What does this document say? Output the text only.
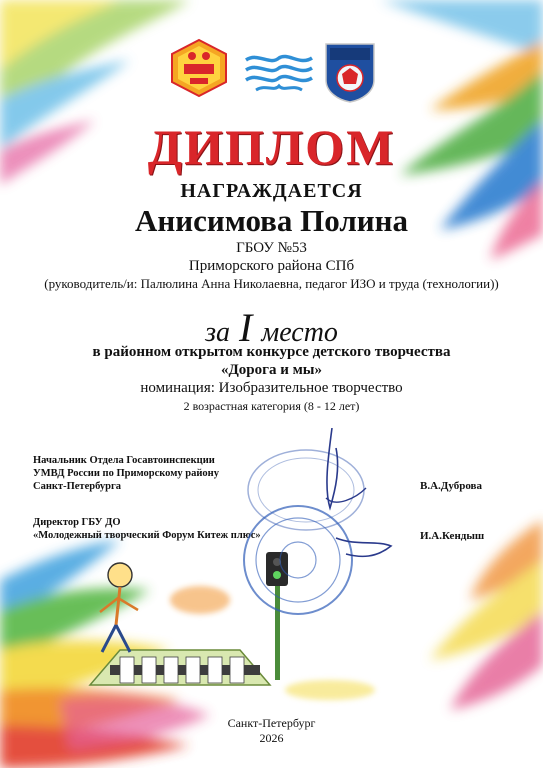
ДИПЛОМ
НАГРАЖДАЕТСЯ
Анисимова Полина
ГБОУ №53
Приморского района СПб
(руководитель/и: Палюлина Анна Николаевна, педагог ИЗО и труда (технологии))
за I место
в районном открытом конкурсе детского творчества
«Дорога и мы»
номинация: Изобразительное творчество
2 возрастная категория (8 - 12 лет)
Начальник Отдела Госавтоинспекции
УМВД России по Приморскому району
Санкт-Петербурга	В.А.Дуброва
Директор ГБУ ДО
«Молодежный творческий Форум Китеж плюс»	И.А.Кендыш
Санкт-Петербург
2026
